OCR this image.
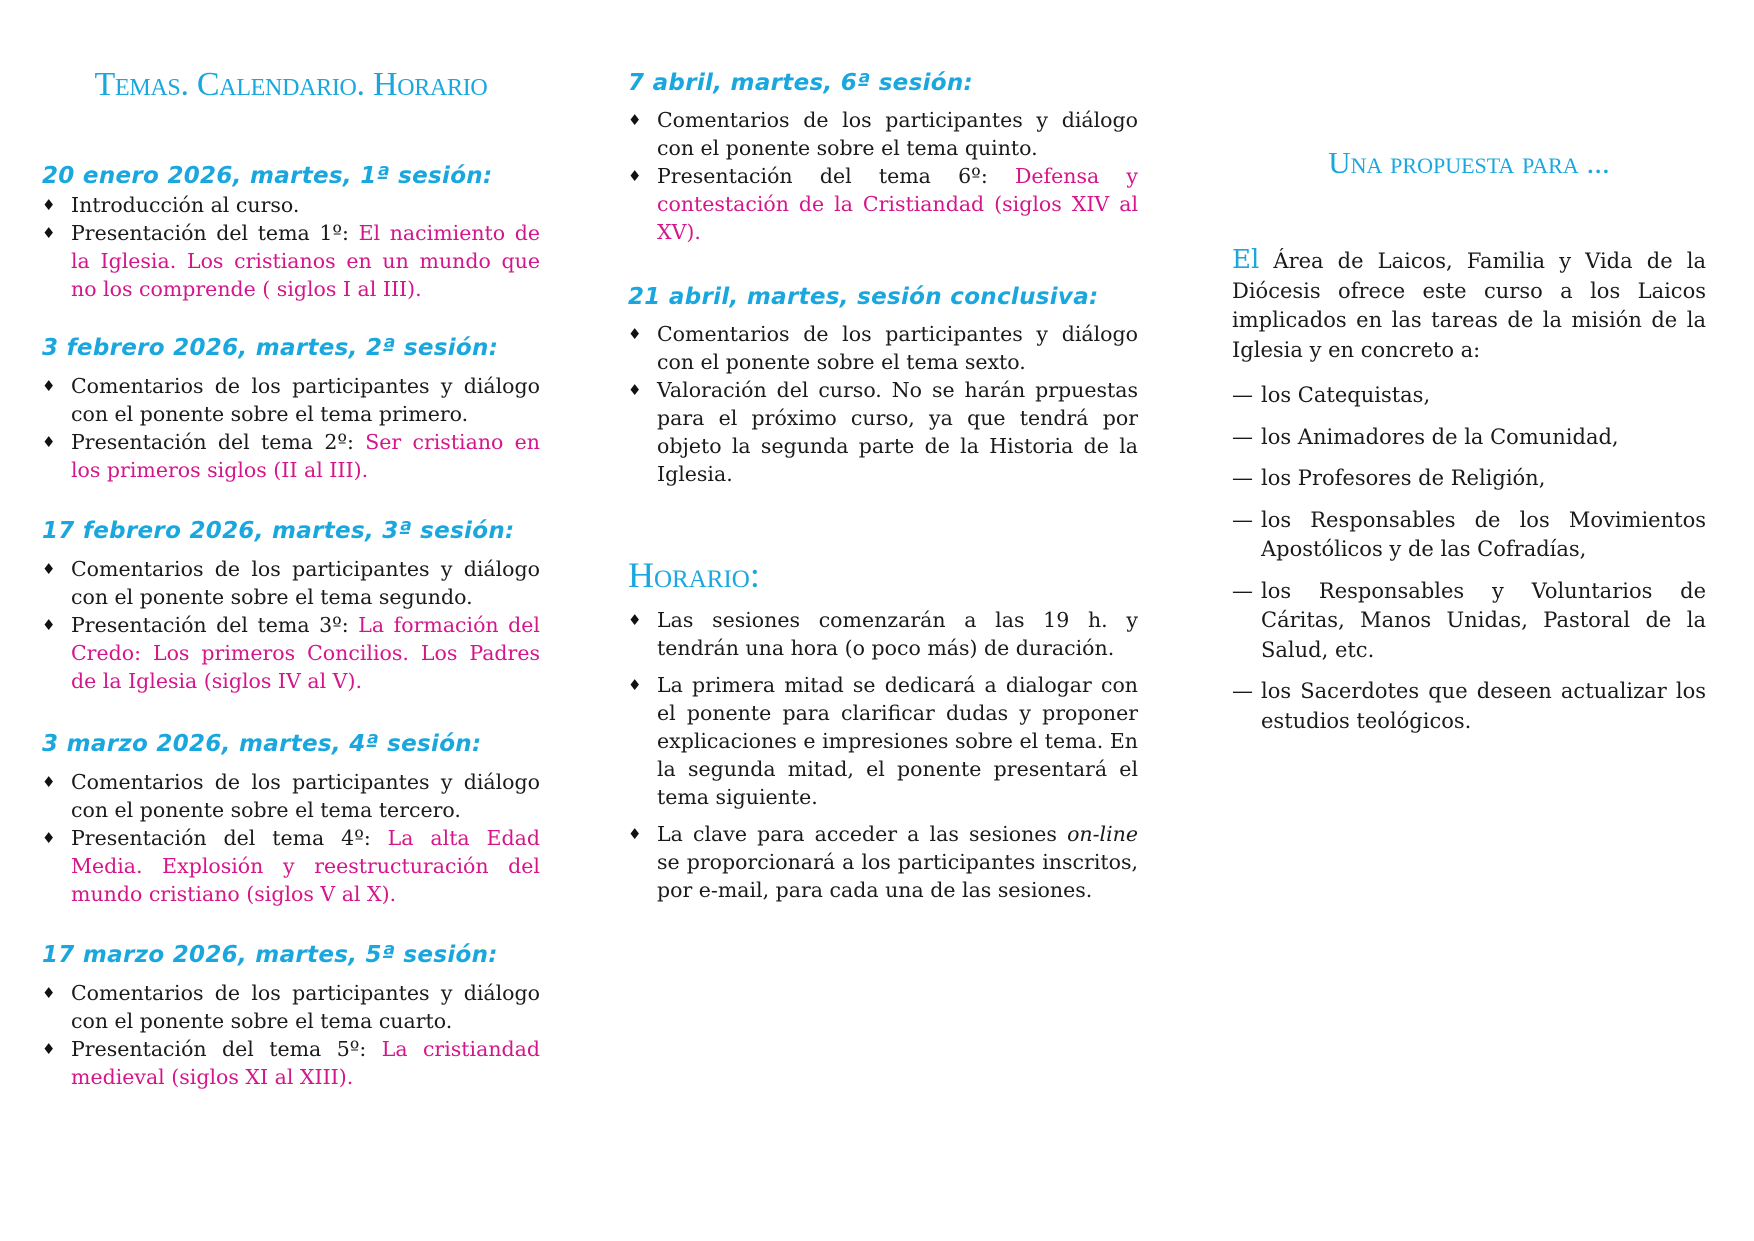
Temas. Calendario. Horario
20 enero 2026, martes, 1ª sesión:
♦ Introducción al curso.
♦ Presentación del tema 1º: El nacimiento de la Iglesia. Los cristianos en un mundo que no los comprende ( siglos I al III).
3 febrero 2026, martes, 2ª sesión:
♦ Comentarios de los participantes y diálogo con el ponente sobre el tema primero.
♦ Presentación del tema 2º: Ser cristiano en los primeros siglos (II al III).
17 febrero 2026, martes, 3ª sesión:
♦ Comentarios de los participantes y diálogo con el ponente sobre el tema segundo.
♦ Presentación del tema 3º: La formación del Credo: Los primeros Concilios. Los Padres de la Iglesia (siglos IV al V).
3 marzo 2026, martes, 4ª sesión:
♦ Comentarios de los participantes y diálogo con el ponente sobre el tema tercero.
♦ Presentación del tema 4º: La alta Edad Media. Explosión y reestructuración del mundo cristiano (siglos V al X).
17 marzo 2026, martes, 5ª sesión:
♦ Comentarios de los participantes y diálogo con el ponente sobre el tema cuarto.
♦ Presentación del tema 5º: La cristiandad medieval (siglos XI al XIII).
7 abril, martes, 6ª sesión:
♦ Comentarios de los participantes y diálogo con el ponente sobre el tema quinto.
♦ Presentación del tema 6º: Defensa y contestación de la Cristiandad (siglos XIV al XV).
21 abril, martes, sesión conclusiva:
♦ Comentarios de los participantes y diálogo con el ponente sobre el tema sexto.
♦ Valoración del curso. No se harán prpuestas para el próximo curso, ya que tendrá por objeto la segunda parte de la Historia de la Iglesia.
Horario:
♦ Las sesiones comenzarán a las 19 h. y tendrán una hora (o poco más) de duración.
♦ La primera mitad se dedicará a dialogar con el ponente para clarificar dudas y proponer explicaciones e impresiones sobre el tema. En la segunda mitad, el ponente presentará el tema siguiente.
♦ La clave para acceder a las sesiones on-line se proporcionará a los participantes inscritos, por e-mail, para cada una de las sesiones.
Una propuesta para ...

El Área de Laicos, Familia y Vida de la Diócesis ofrece este curso a los Laicos implicados en las tareas de la misión de la Iglesia y en concreto a:

— los Catequistas,
— los Animadores de la Comunidad,
— los Profesores de Religión,
— los Responsables de los Movimientos Apostólicos y de las Cofradías,
— los Responsables y Voluntarios de Cáritas, Manos Unidas, Pastoral de la Salud, etc.
— los Sacerdotes que deseen actualizar los estudios teológicos.
